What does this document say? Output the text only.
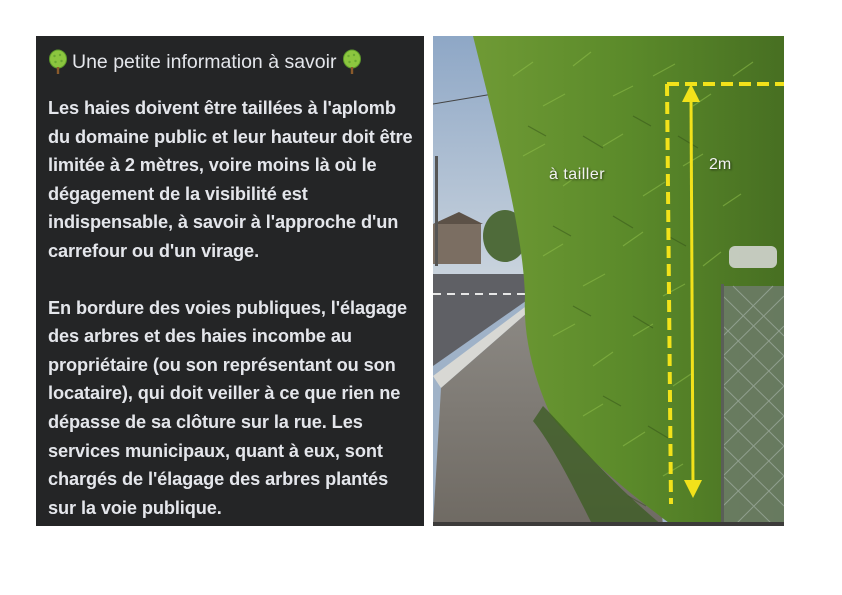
Une petite information à savoir

Les haies doivent être taillées à l'aplomb
du domaine public et leur hauteur doit être
limitée à 2 mètres, voire moins là où le
dégagement de la visibilité est
indispensable, à savoir à l'approche d'un
carrefour ou d'un virage.

En bordure des voies publiques, l'élagage
des arbres et des haies incombe au
propriétaire (ou son représentant ou son
locataire), qui doit veiller à ce que rien ne
dépasse de sa clôture sur la rue. Les
services municipaux, quant à eux, sont
chargés de l'élagage des arbres plantés
sur la voie publique.

à tailler
2m
